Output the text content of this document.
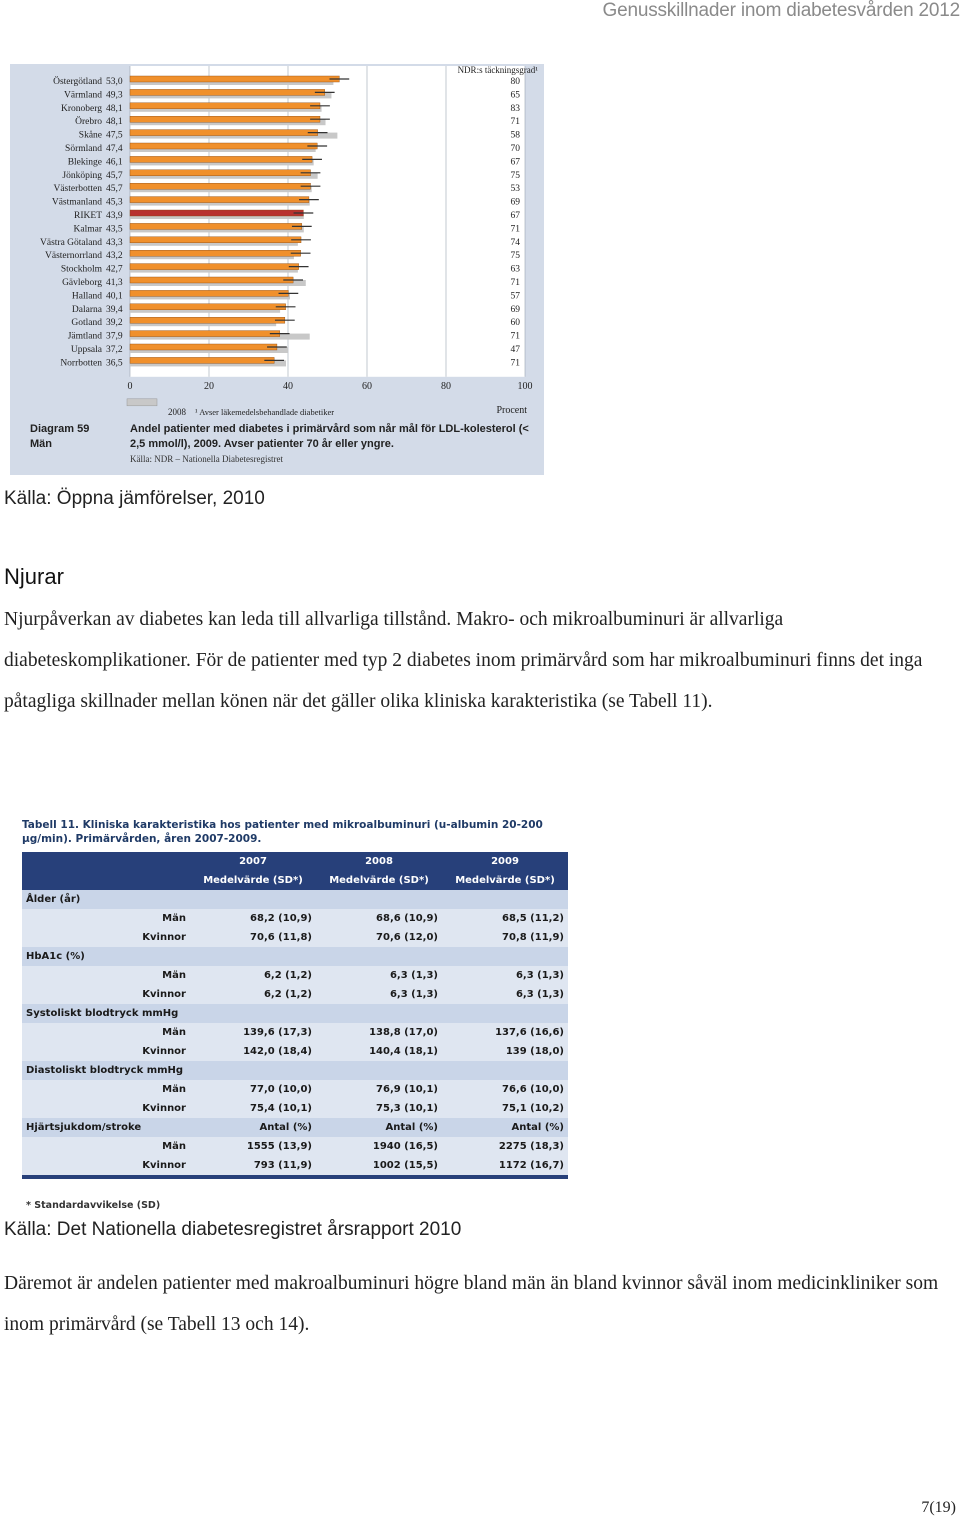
Genusskillnader inom diabetesvården 2012
0	20	40	60	80	100
NDR:s täckningsgrad¹
Östergötland 53,0	80
Värmland 49,3	65
Kronoberg 48,1	83
Örebro 48,1	71
Skåne 47,5	58
Sörmland 47,4	70
Blekinge 46,1	67
Jönköping 45,7	75
Västerbotten 45,7	53
Västmanland 45,3	69
RIKET 43,9	67
Kalmar 43,5	71
Västra Götaland 43,3	74
Västernorrland 43,2	75
Stockholm 42,7	63
Gävleborg 41,3	71
Halland 40,1	57
Dalarna 39,4	69
Gotland 39,2	60
Jämtland 37,9	71
Uppsala 37,2	47
Norrbotten 36,5	71
2008 ¹ Avser läkemedelsbehandlade diabetiker	Procent
Diagram 59
Män
Andel patienter med diabetes i primärvård som når mål för LDL-kolesterol (< 2,5 mmol/l), 2009. Avser patienter 70 år eller yngre.
Källa: NDR – Nationella Diabetesregistret
Källa: Öppna jämförelser, 2010
Njurar

Njurpåverkan av diabetes kan leda till allvarliga tillstånd. Makro- och mikroalbuminuri är allvarliga diabeteskomplikationer. För de patienter med typ 2 diabetes inom primärvård som har mikroalbuminuri finns det inga påtagliga skillnader mellan könen när det gäller olika kliniska karakteristika (se Tabell 11).

Tabell 11. Kliniska karakteristika hos patienter med mikroalbuminuri (u-albumin 20-200 µg/min). Primärvården, åren 2007-2009.
	2007	2008	2009
	Medelvärde (SD*)	Medelvärde (SD*)	Medelvärde (SD*)
Ålder (år)			
Män	68,2 (10,9)	68,6 (10,9)	68,5 (11,2)
Kvinnor	70,6 (11,8)	70,6 (12,0)	70,8 (11,9)
HbA1c (%)			
Män	6,2 (1,2)	6,3 (1,3)	6,3 (1,3)
Kvinnor	6,2 (1,2)	6,3 (1,3)	6,3 (1,3)
Systoliskt blodtryck mmHg			
Män	139,6 (17,3)	138,8 (17,0)	137,6 (16,6)
Kvinnor	142,0 (18,4)	140,4 (18,1)	139 (18,0)
Diastoliskt blodtryck mmHg			
Män	77,0 (10,0)	76,9 (10,1)	76,6 (10,0)
Kvinnor	75,4 (10,1)	75,3 (10,1)	75,1 (10,2)
Hjärtsjukdom/stroke	Antal (%)	Antal (%)	Antal (%)
Män	1555 (13,9)	1940 (16,5)	2275 (18,3)
Kvinnor	793 (11,9)	1002 (15,5)	1172 (16,7)

* Standardavvikelse (SD)
Källa: Det Nationella diabetesregistret årsrapport 2010

Däremot är andelen patienter med makroalbuminuri högre bland män än bland kvinnor såväl inom medicinkliniker som inom primärvård (se Tabell 13 och 14).

7(19)
